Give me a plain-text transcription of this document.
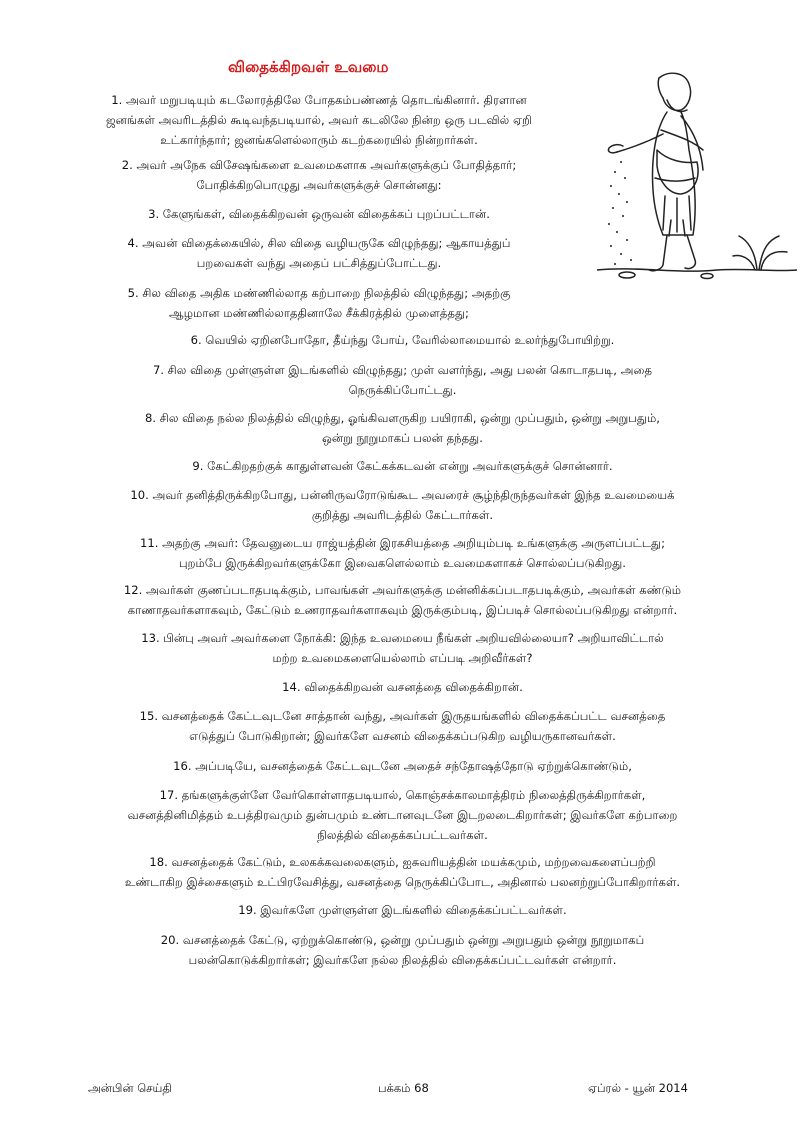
விதைக்கிறவள் உவமை
1. அவர் மறுபடியும் கடலோரத்திலே போதகம்பண்ணத் தொடங்கினார். திரளான
ஜனங்கள் அவரிடத்தில் கூடிவந்தபடியால், அவர் கடலிலே நின்ற ஒரு படவில் ஏறி
உட்கார்ந்தார்; ஜனங்களெல்லாரும் கடற்கரையில் நின்றார்கள்.
2. அவர் அநேக விசேஷங்களை உவமைகளாக அவர்களுக்குப் போதித்தார்;
போதிக்கிறபொழுது அவர்களுக்குச் சொன்னது:
3. கேளுங்கள், விதைக்கிறவன் ஒருவன் விதைக்கப் புறப்பட்டான்.
4. அவன் விதைக்கையில், சில விதை வழியருகே விழுந்தது; ஆகாயத்துப்
பறவைகள் வந்து அதைப் பட்சித்துப்போட்டது.
5. சில விதை அதிக மண்ணில்லாத கற்பாறை நிலத்தில் விழுந்தது; அதற்கு
ஆழமான மண்ணில்லாததினாலே சீக்கிரத்தில் முளைத்தது;
6. வெயில் ஏறினபோதோ, தீய்ந்து போய், வேரில்லாமையால் உலர்ந்துபோயிற்று.
7. சில விதை முள்ளுள்ள இடங்களில் விழுந்தது; முள் வளர்ந்து, அது பலன் கொடாதபடி, அதை
நெருக்கிப்போட்டது.
8. சில விதை நல்ல நிலத்தில் விழுந்து, ஓங்கிவளருகிற பயிராகி, ஒன்று முப்பதும், ஒன்று அறுபதும்,
ஒன்று நூறுமாகப் பலன் தந்தது.
9. கேட்கிறதற்குக் காதுள்ளவன் கேட்கக்கடவன் என்று அவர்களுக்குச் சொன்னார்.
10. அவர் தனித்திருக்கிறபோது, பன்னிருவரோடுங்கூட அவரைச் சூழ்ந்திருந்தவர்கள் இந்த உவமையைக்
குறித்து அவரிடத்தில் கேட்டார்கள்.
11. அதற்கு அவர்: தேவனுடைய ராஜ்யத்தின் இரகசியத்தை அறியும்படி உங்களுக்கு அருளப்பட்டது;
புறம்பே இருக்கிறவர்களுக்கோ இவைகளெல்லாம் உவமைகளாகச் சொல்லப்படுகிறது.
12. அவர்கள் குணப்படாதபடிக்கும், பாவங்கள் அவர்களுக்கு மன்னிக்கப்படாதபடிக்கும், அவர்கள் கண்டும்
காணாதவர்களாகவும், கேட்டும் உணராதவர்களாகவும் இருக்கும்படி, இப்படிச் சொல்லப்படுகிறது என்றார்.
13. பின்பு அவர் அவர்களை நோக்கி: இந்த உவமையை நீங்கள் அறியவில்லையா? அறியாவிட்டால்
மற்ற உவமைகளையெல்லாம் எப்படி அறிவீர்கள்?
14. விதைக்கிறவன் வசனத்தை விதைக்கிறான்.
15. வசனத்தைக் கேட்டவுடனே சாத்தான் வந்து, அவர்கள் இருதயங்களில் விதைக்கப்பட்ட வசனத்தை
எடுத்துப் போடுகிறான்; இவர்களே வசனம் விதைக்கப்படுகிற வழியருகானவர்கள்.
16. அப்படியே, வசனத்தைக் கேட்டவுடனே அதைச் சந்தோஷத்தோடு ஏற்றுக்கொண்டும்,
17. தங்களுக்குள்ளே வேர்கொள்ளாதபடியால், கொஞ்சக்காலமாத்திரம் நிலைத்திருக்கிறார்கள்,
வசனத்தினிமித்தம் உபத்திரவமும் துன்பமும் உண்டானவுடனே இடறலடைகிறார்கள்; இவர்களே கற்பாறை
நிலத்தில் விதைக்கப்பட்டவர்கள்.
18. வசனத்தைக் கேட்டும், உலகக்கவலைகளும், ஐசுவரியத்தின் மயக்கமும், மற்றவைகளைப்பற்றி
உண்டாகிற இச்சைகளும் உட்பிரவேசித்து, வசனத்தை நெருக்கிப்போட, அதினால் பலனற்றுப்போகிறார்கள்.
19. இவர்களே முள்ளுள்ள இடங்களில் விதைக்கப்பட்டவர்கள்.
20. வசனத்தைக் கேட்டு, ஏற்றுக்கொண்டு, ஒன்று முப்பதும் ஒன்று அறுபதும் ஒன்று நூறுமாகப்
பலன்கொடுக்கிறார்கள்; இவர்களே நல்ல நிலத்தில் விதைக்கப்பட்டவர்கள் என்றார்.
அன்பின் செய்தி	பக்கம் 68	ஏப்ரல் - யூன் 2014
